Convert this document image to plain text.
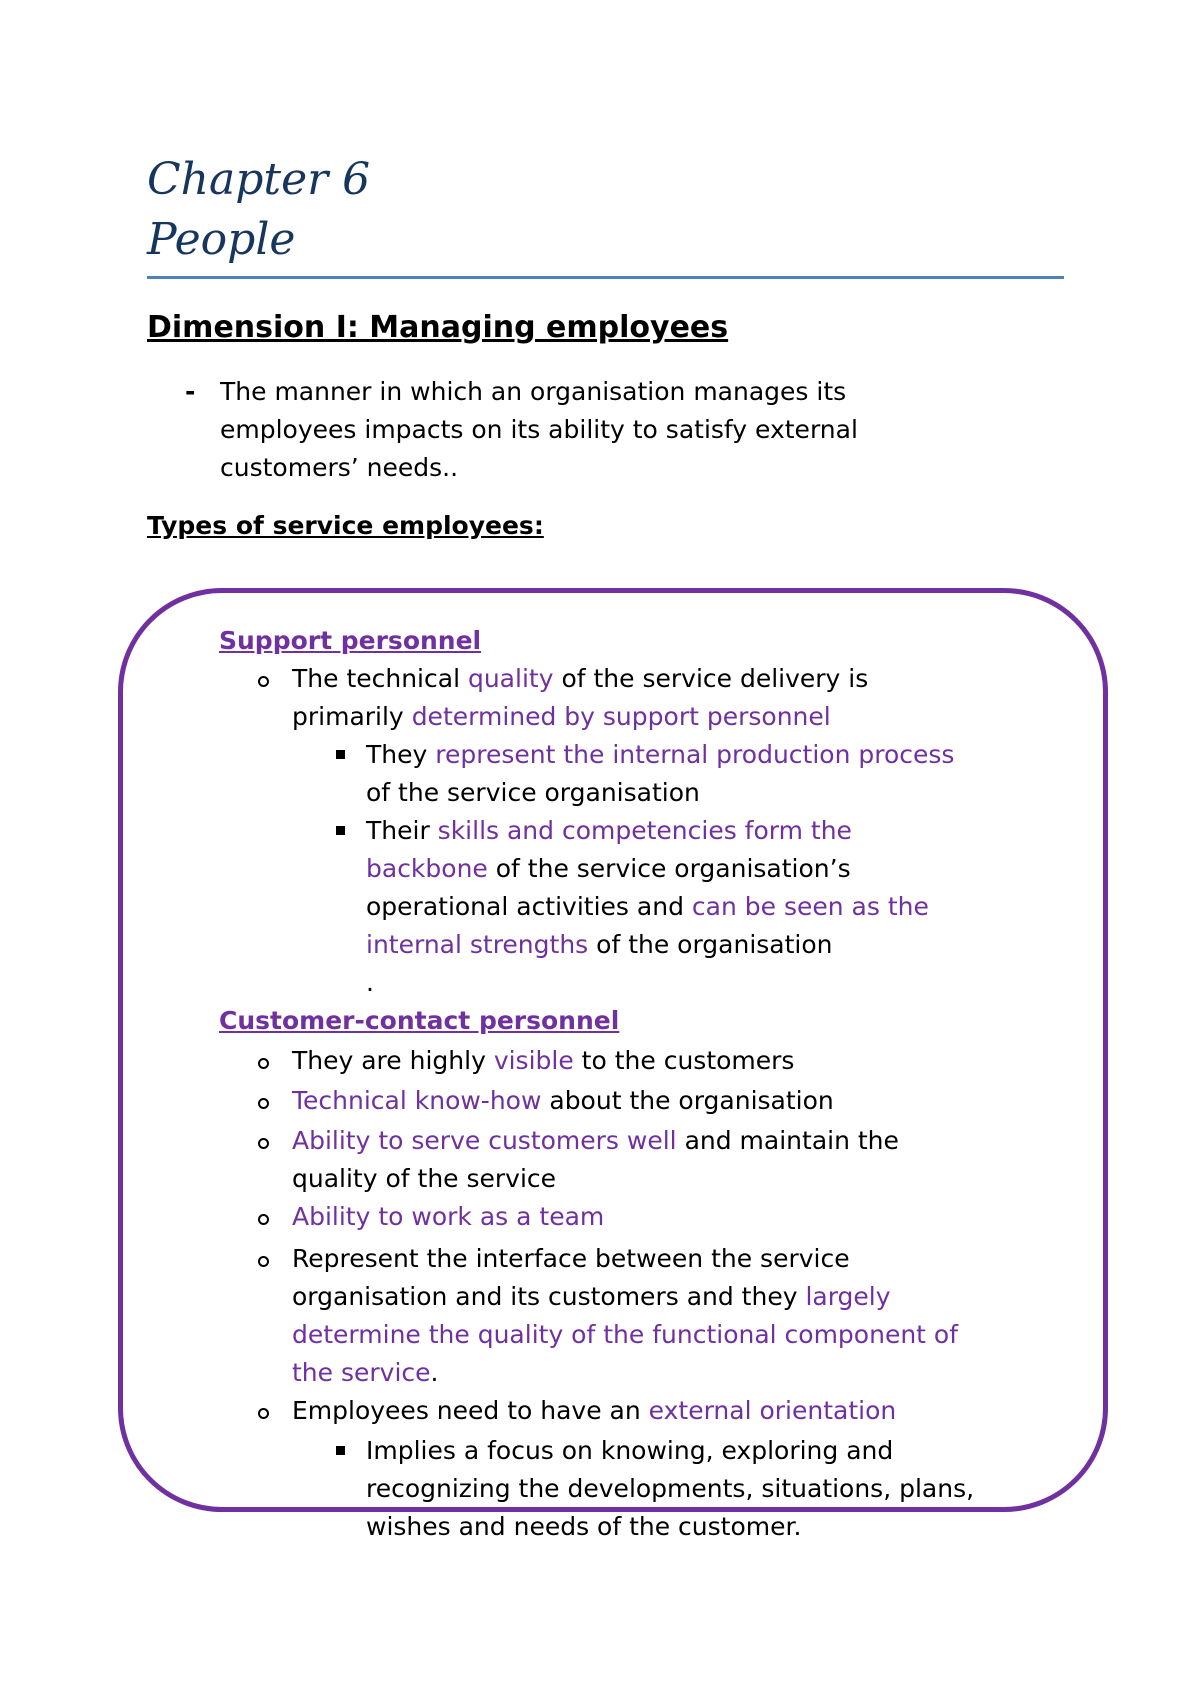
Chapter 6
People
Dimension I: Managing employees
- The manner in which an organisation manages its
employees impacts on its ability to satisfy external
customers’ needs..
Types of service employees:
Support personnel
The technical quality of the service delivery is
primarily determined by support personnel
They represent the internal production process
of the service organisation
Their skills and competencies form the
backbone of the service organisation’s
operational activities and can be seen as the
internal strengths of the organisation
.
Customer-contact personnel
They are highly visible to the customers
Technical know-how about the organisation
Ability to serve customers well and maintain the
quality of the service
Ability to work as a team
Represent the interface between the service
organisation and its customers and they largely
determine the quality of the functional component of
the service.
Employees need to have an external orientation
Implies a focus on knowing, exploring and
recognizing the developments, situations, plans,
wishes and needs of the customer.
